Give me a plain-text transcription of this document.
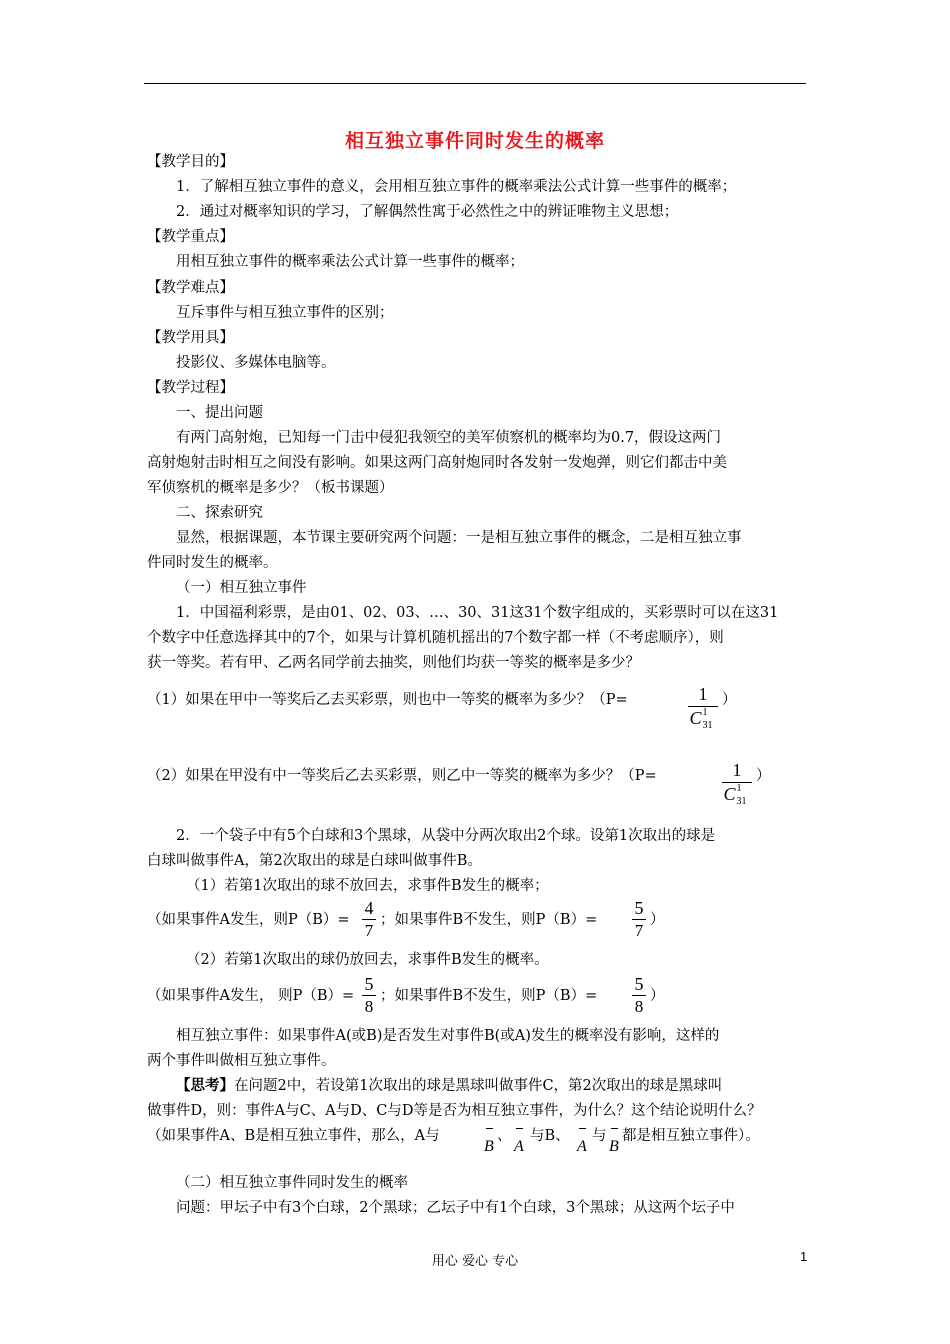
相互独立事件同时发生的概率
【教学目的】
1．了解相互独立事件的意义，会用相互独立事件的概率乘法公式计算一些事件的概率；
2．通过对概率知识的学习，了解偶然性寓于必然性之中的辨证唯物主义思想；
【教学重点】
用相互独立事件的概率乘法公式计算一些事件的概率；
【教学难点】
互斥事件与相互独立事件的区别；
【教学用具】
投影仪、多媒体电脑等。
【教学过程】
一、提出问题
有两门高射炮，已知每一门击中侵犯我领空的美军侦察机的概率均为0.7，假设这两门
高射炮射击时相互之间没有影响。如果这两门高射炮同时各发射一发炮弹，则它们都击中美
军侦察机的概率是多少？（板书课题）
二、探索研究
显然，根据课题，本节课主要研究两个问题：一是相互独立事件的概念，二是相互独立事
件同时发生的概率。
（一）相互独立事件
1．中国福利彩票，是由01、02、03、…、30、31这31个数字组成的，买彩票时可以在这31
个数字中任意选择其中的7个，如果与计算机随机摇出的7个数字都一样（不考虑顺序），则
获一等奖。若有甲、乙两名同学前去抽奖，则他们均获一等奖的概率是多少？
（1）如果在甲中一等奖后乙去买彩票，则也中一等奖的概率为多少？（P=	1
$C^1_{31}$
）
（2）如果在甲没有中一等奖后乙去买彩票，则乙中一等奖的概率为多少？（P=	1
$C^1_{31}$
）
2．一个袋子中有5个白球和3个黑球，从袋中分两次取出2个球。设第1次取出的球是
白球叫做事件A，第2次取出的球是白球叫做事件B。
（1）若第1次取出的球不放回去，求事件B发生的概率；
（如果事件A发生，则P（B）=
4
7
；如果事件B不发生，则P（B）=
5
7
）
（2）若第1次取出的球仍放回去，求事件B发生的概率。
（如果事件A发生， 则P（B）=
5
8
；如果事件B不发生，则P（B）=
5
8
）
相互独立事件：如果事件A(或B)是否发生对事件B(或A)发生的概率没有影响，这样的
两个事件叫做相互独立事件。
【思考】在问题2中，若设第1次取出的球是黑球叫做事件C，第2次取出的球是黑球叫
做事件D，则：事件A与C、A与D、C与D等是否为相互独立事件，为什么？这个结论说明什么？
（如果事件A、B是相互独立事件，那么，A与
B
、
A
与B、
A
与
B
都是相互独立事件）。
（二）相互独立事件同时发生的概率
问题：甲坛子中有3个白球，2个黑球；乙坛子中有1个白球，3个黑球；从这两个坛子中
用心 爱心 专心	1
